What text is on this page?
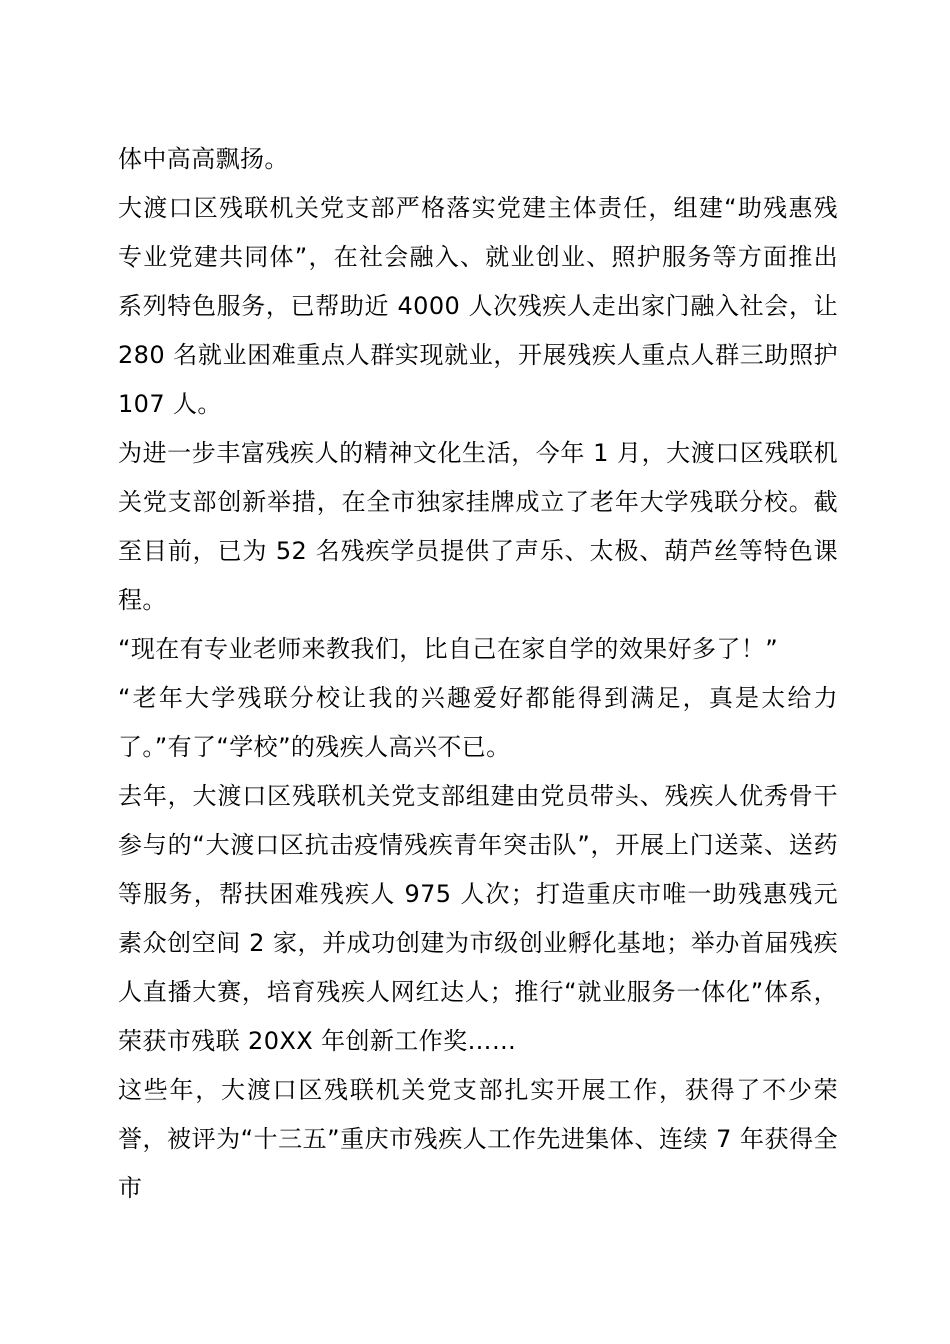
体中高高飘扬。

大渡口区残联机关党支部严格落实党建主体责任，组建“助残惠残专业党建共同体”，在社会融入、就业创业、照护服务等方面推出系列特色服务，已帮助近 4000 人次残疾人走出家门融入社会，让 280 名就业困难重点人群实现就业，开展残疾人重点人群三助照护 107 人。

为进一步丰富残疾人的精神文化生活，今年 1 月，大渡口区残联机关党支部创新举措，在全市独家挂牌成立了老年大学残联分校。截至目前，已为 52 名残疾学员提供了声乐、太极、葫芦丝等特色课程。

“现在有专业老师来教我们，比自己在家自学的效果好多了！”

“老年大学残联分校让我的兴趣爱好都能得到满足，真是太给力了。”有了“学校”的残疾人高兴不已。

去年，大渡口区残联机关党支部组建由党员带头、残疾人优秀骨干参与的“大渡口区抗击疫情残疾青年突击队”，开展上门送菜、送药等服务，帮扶困难残疾人 975 人次；打造重庆市唯一助残惠残元素众创空间 2 家，并成功创建为市级创业孵化基地；举办首届残疾人直播大赛，培育残疾人网红达人；推行“就业服务一体化”体系，荣获市残联 20XX 年创新工作奖……

这些年，大渡口区残联机关党支部扎实开展工作，获得了不少荣誉，被评为“十三五”重庆市残疾人工作先进集体、连续 7 年获得全市
